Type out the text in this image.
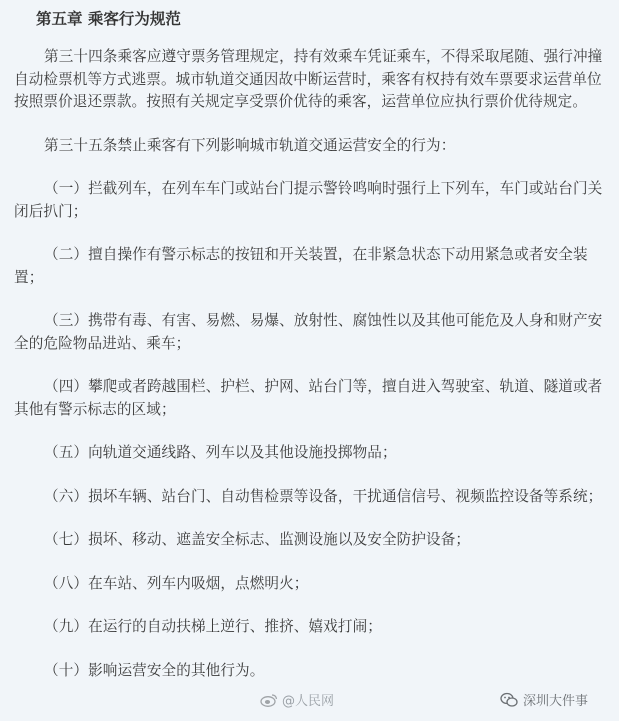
第五章 乘客行为规范

第三十四条乘客应遵守票务管理规定，持有效乘车凭证乘车，不得采取尾随、强行冲撞自动检票机等方式逃票。城市轨道交通因故中断运营时，乘客有权持有效车票要求运营单位按照票价退还票款。按照有关规定享受票价优待的乘客，运营单位应执行票价优待规定。

第三十五条禁止乘客有下列影响城市轨道交通运营安全的行为：

（一）拦截列车，在列车车门或站台门提示警铃鸣响时强行上下列车，车门或站台门关闭后扒门；

（二）擅自操作有警示标志的按钮和开关装置，在非紧急状态下动用紧急或者安全装置；

（三）携带有毒、有害、易燃、易爆、放射性、腐蚀性以及其他可能危及人身和财产安全的危险物品进站、乘车；

（四）攀爬或者跨越围栏、护栏、护网、站台门等，擅自进入驾驶室、轨道、隧道或者其他有警示标志的区域；

（五）向轨道交通线路、列车以及其他设施投掷物品；

（六）损坏车辆、站台门、自动售检票等设备，干扰通信信号、视频监控设备等系统；

（七）损坏、移动、遮盖安全标志、监测设施以及安全防护设备；

（八）在车站、列车内吸烟，点燃明火；

（九）在运行的自动扶梯上逆行、推挤、嬉戏打闹；

（十）影响运营安全的其他行为。

@人民网	深圳大件事
